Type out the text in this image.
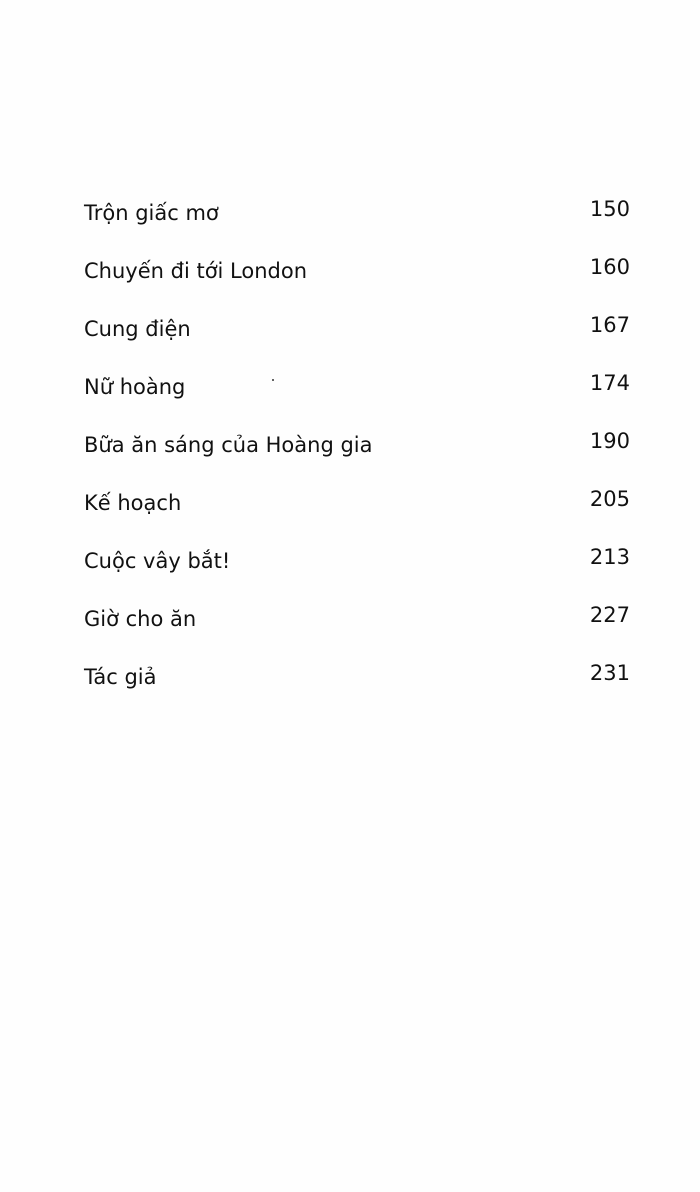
Trộn giấc mơ	150
Chuyến đi tới London	160
Cung điện	167
Nữ hoàng	174
Bữa ăn sáng của Hoàng gia	190
Kế hoạch	205
Cuộc vây bắt!	213
Giờ cho ăn	227
Tác giả	231
